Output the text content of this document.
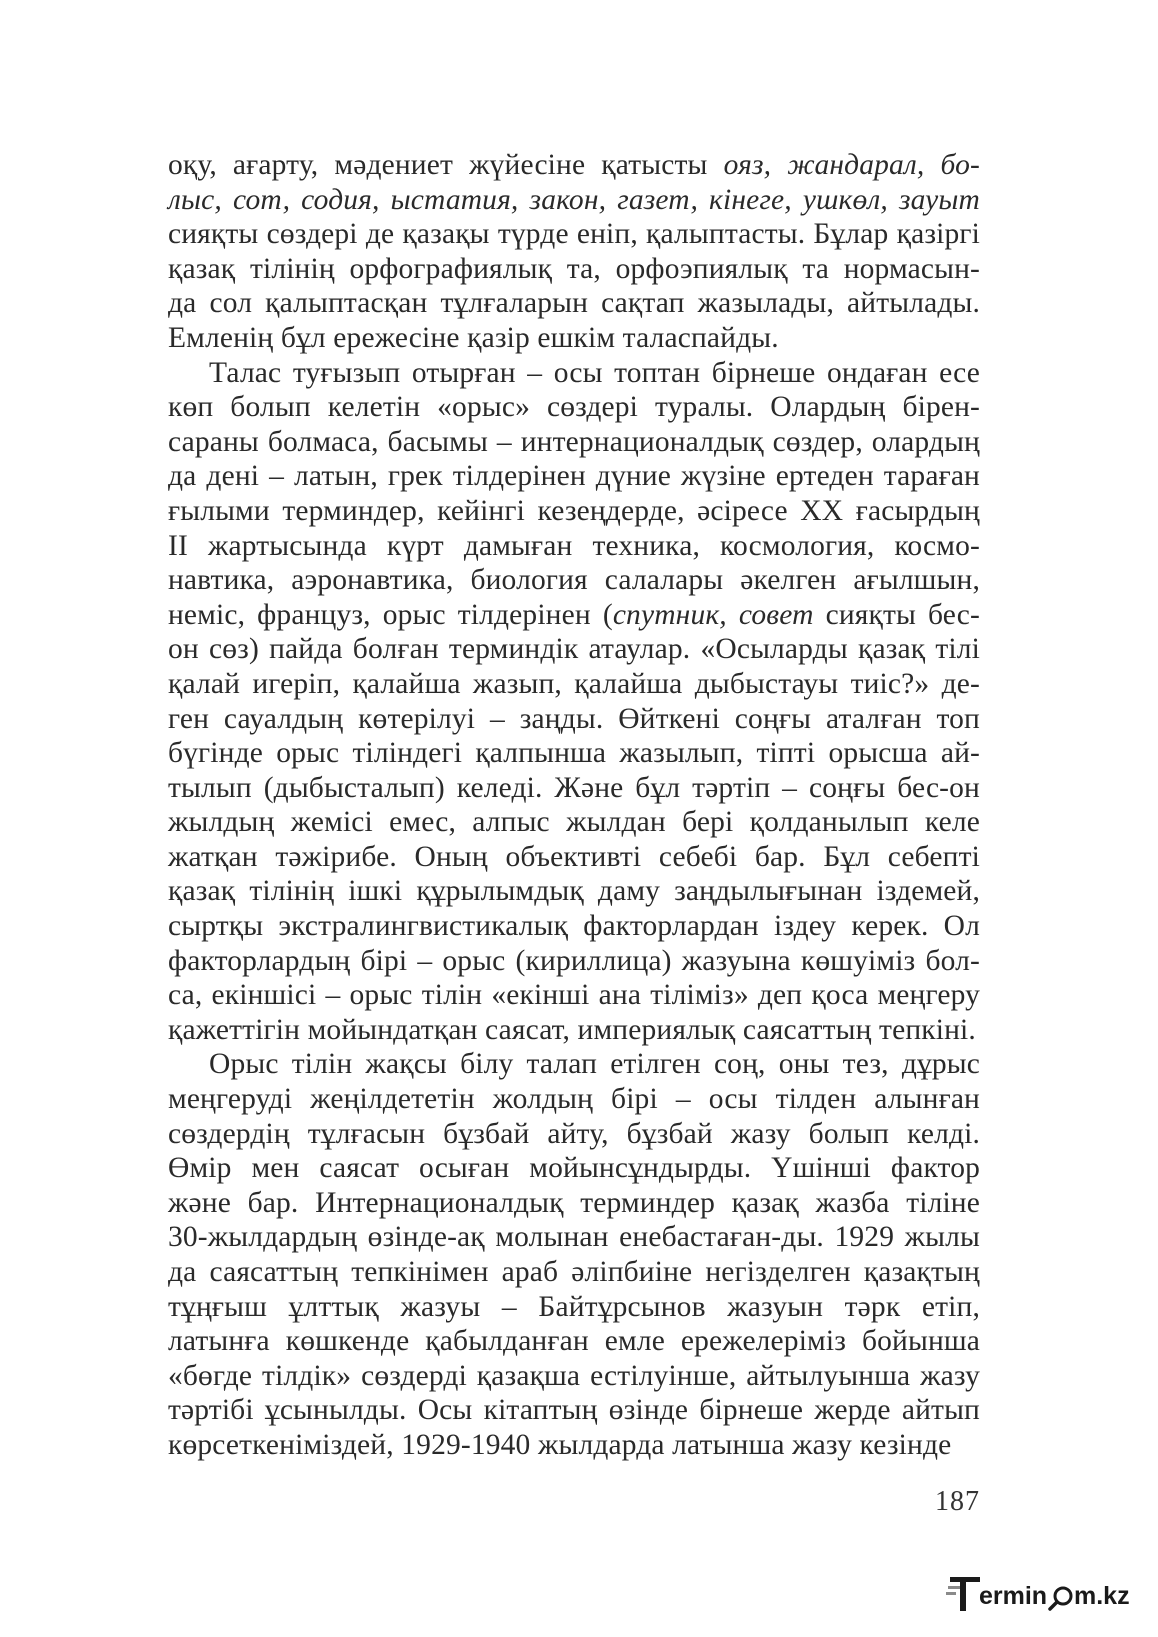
оқу, ағарту, мәдениет жүйесіне қатысты ояз, жандарал, бо-
лыс, сот, содия, ыстатия, закон, газет, кінеге, ушкөл, зауыт
сияқты сөздері де қазақы түрде еніп, қалыптасты. Бұлар қазіргі
қазақ тілінің орфографиялық та, орфоэпиялық та нормасын-
да сол қалыптасқан тұлғаларын сақтап жазылады, айтылады.
Емленің бұл ережесіне қазір ешкім таласпайды.
Талас туғызып отырған – осы топтан бірнеше ондаған есе
көп болып келетін «орыс» сөздері туралы. Олардың бірен-
сараны болмаса, басымы – интернационалдық сөздер, олардың
да дені – латын, грек тілдерінен дүние жүзіне ертеден тараған
ғылыми терминдер, кейінгі кезеңдерде, әсіресе ХХ ғасырдың
ІІ жартысында күрт дамыған техника, космология, космо-
навтика, аэронавтика, биология салалары әкелген ағылшын,
неміс, француз, орыс тілдерінен (спутник, совет сияқты бес-
он сөз) пайда болған терминдік атаулар. «Осыларды қазақ тілі
қалай игеріп, қалайша жазып, қалайша дыбыстауы тиіс?» де-
ген сауалдың көтерілуі – заңды. Өйткені соңғы аталған топ
бүгінде орыс тіліндегі қалпынша жазылып, тіпті орысша ай-
тылып (дыбысталып) келеді. Және бұл тәртіп – соңғы бес-он
жылдың жемісі емес, алпыс жылдан бері қолданылып келе
жатқан тәжірибе. Оның объективті себебі бар. Бұл себепті
қазақ тілінің ішкі құрылымдық даму заңдылығынан іздемей,
сыртқы экстралингвистикалық факторлардан іздеу керек. Ол
факторлардың бірі – орыс (кириллица) жазуына көшуіміз бол-
са, екіншісі – орыс тілін «екінші ана тіліміз» деп қоса меңгеру
қажеттігін мойындатқан саясат, империялық саясаттың тепкіні.
Орыс тілін жақсы білу талап етілген соң, оны тез, дұрыс
меңгеруді жеңілдететін жолдың бірі – осы тілден алынған
сөздердің тұлғасын бұзбай айту, бұзбай жазу болып келді.
Өмір мен саясат осыған мойынсұндырды. Үшінші фактор
және бар. Интернационалдық терминдер қазақ жазба тіліне
30-жылдардың өзінде-ақ молынан енебастаған-ды. 1929 жылы
да саясаттың тепкінімен араб әліпбиіне негізделген қазақтың
тұңғыш ұлттық жазуы – Байтұрсынов жазуын тәрк етіп,
латынға көшкенде қабылданған емле ережелеріміз бойынша
«бөгде тілдік» сөздерді қазақша естілуінше, айтылуынша жазу
тәртібі ұсынылды. Осы кітаптың өзінде бірнеше жерде айтып
көрсеткеніміздей, 1929-1940 жылдарда латынша жазу кезінде
187
ermin m.kz
